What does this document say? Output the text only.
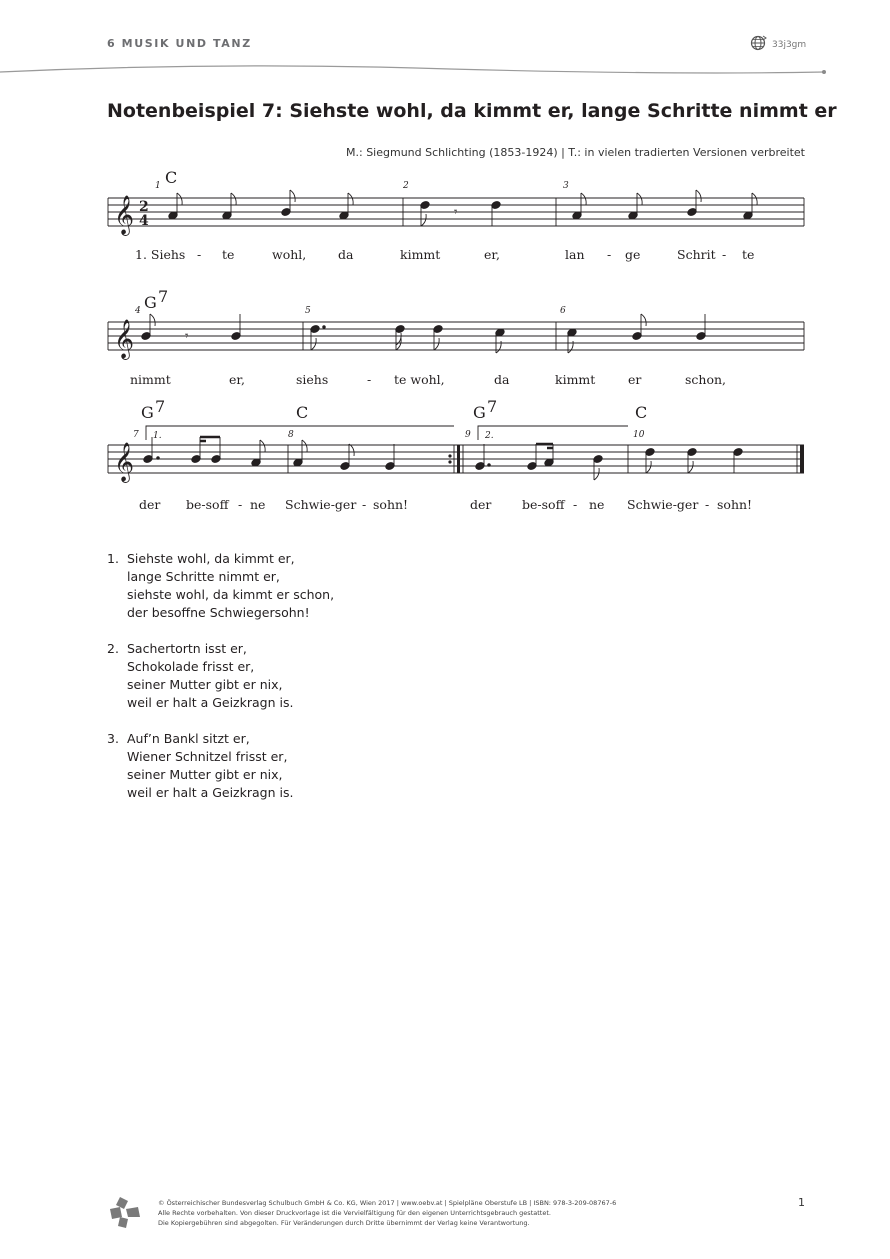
6 MUSIK UND TANZ	33j3gm
Notenbeispiel 7: Siehste wohl, da kimmt er, lange Schritte nimmt er
M.: Siegmund Schlichting (1853-1924) | T.: in vielen tradierten Versionen verbreitet
𝄞 2
4
C
1	2	3
𝄾
1. Siehs - te	wohl,	da	kimmt	er,	lan - ge	Schrit - te
𝄞
G 7
4	5	6
𝄾
nimmt	er,	siehs	- te wohl,	da	kimmt	er	schon,
𝄞
1.	2.
G 7	C	G 7	C
7	8	9	10
der be-soff - ne Schwie-ger - sohn!	der be-soff - ne Schwie-ger - sohn!
1. Siehste wohl, da kimmt er,
lange Schritte nimmt er,
siehste wohl, da kimmt er schon,
der besoffne Schwiegersohn!
2. Sachertortn isst er,
Schokolade frisst er,
seiner Mutter gibt er nix,
weil er halt a Geizkragn is.
3. Auf’n Bankl sitzt er,
Wiener Schnitzel frisst er,
seiner Mutter gibt er nix,
weil er halt a Geizkragn is.
© Österreichischer Bundesverlag Schulbuch GmbH & Co. KG, Wien 2017 | www.oebv.at | Spielpläne Oberstufe LB | ISBN: 978-3-209-08767-6
Alle Rechte vorbehalten. Von dieser Druckvorlage ist die Vervielfältigung für den eigenen Unterrichtsgebrauch gestattet.
Die Kopiergebühren sind abgegolten. Für Veränderungen durch Dritte übernimmt der Verlag keine Verantwortung.
1
